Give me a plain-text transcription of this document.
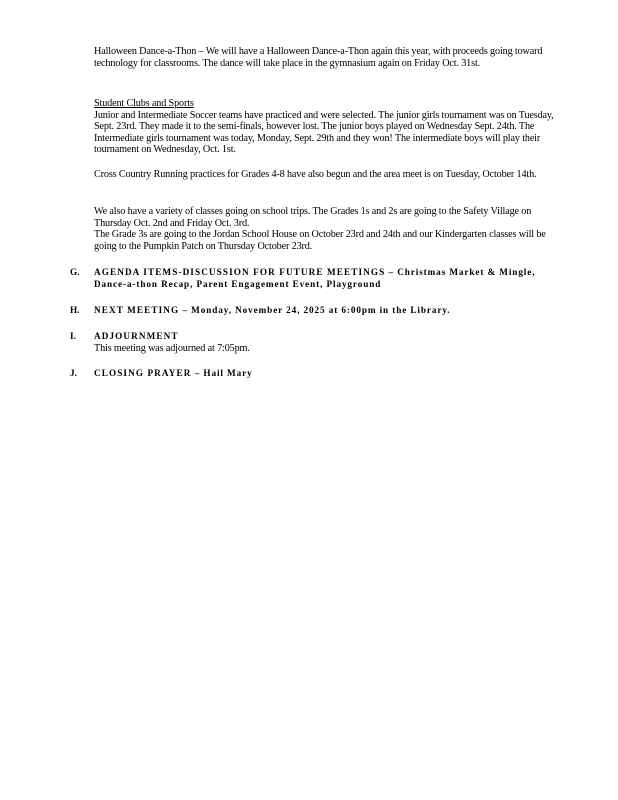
Halloween Dance-a-Thon – We will have a Halloween Dance-a-Thon again this year, with proceeds going toward technology for classrooms. The dance will take place in the gymnasium again on Friday Oct. 31st.

Student Clubs and Sports

Junior and Intermediate Soccer teams have practiced and were selected. The junior girls tournament was on Tuesday, Sept. 23rd. They made it to the semi-finals, however lost. The junior boys played on Wednesday Sept. 24th. The Intermediate girls tournament was today, Monday, Sept. 29th and they won! The intermediate boys will play their tournament on Wednesday, Oct. 1st.

Cross Country Running practices for Grades 4-8 have also begun and the area meet is on Tuesday, October 14th.

We also have a variety of classes going on school trips. The Grades 1s and 2s are going to the Safety Village on Thursday Oct. 2nd and Friday Oct. 3rd.

The Grade 3s are going to the Jordan School House on October 23rd and 24th and our Kindergarten classes will be going to the Pumpkin Patch on Thursday October 23rd.

G. AGENDA ITEMS-DISCUSSION FOR FUTURE MEETINGS – Christmas Market & Mingle, Dance-a-thon Recap, Parent Engagement Event, Playground
H. NEXT MEETING – Monday, November 24, 2025 at 6:00pm in the Library.
I. ADJOURNMENT
This meeting was adjourned at 7:05pm.
J. CLOSING PRAYER – Hail Mary
